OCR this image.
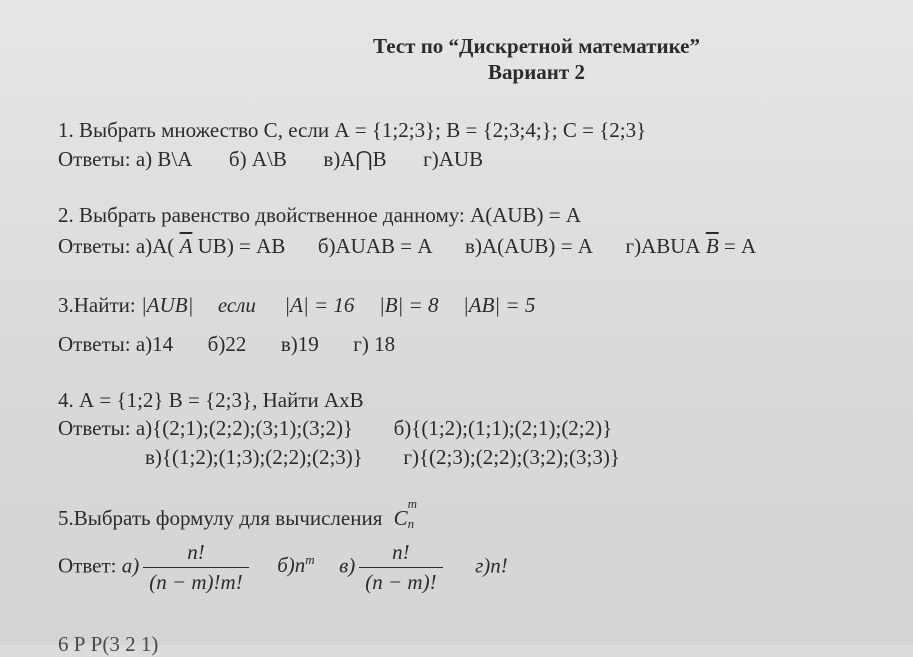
Тест по “Дискретной математике”
Вариант 2
1. Выбрать множество С, если А = {1;2;3}; В = {2;3;4;}; С = {2;3}
Ответы: а) В\А б) А\В в)А⋂В г)АUВ
2. Выбрать равенство двойственное данному: А(АUВ) = А
Ответы: а)А( А UВ) = АВ б)АUАВ = А в)А(АUВ) = А г)АВUА В = А
3.Найти: |AUB| если |A| = 16 |B| = 8 |AB| = 5
Ответы: а)14 б)22 в)19 г) 18
4. А = {1;2} В = {2;3}, Найти АxВ
Ответы: а){(2;1);(2;2);(3;1);(3;2)} б){(1;2);(1;1);(2;1);(2;2)}
в){(1;2);(1;3);(2;2);(2;3)} г){(2;3);(2;2);(3;2);(3;3)}
5.Выбрать формулу для вычисления C
m
n
Ответ: $а) \frac{n!}{(n - m)!m!} б)n^m$ $в) \frac{n!}{(n - m)!} г)n$!
6 Р Р(3 2 1)
